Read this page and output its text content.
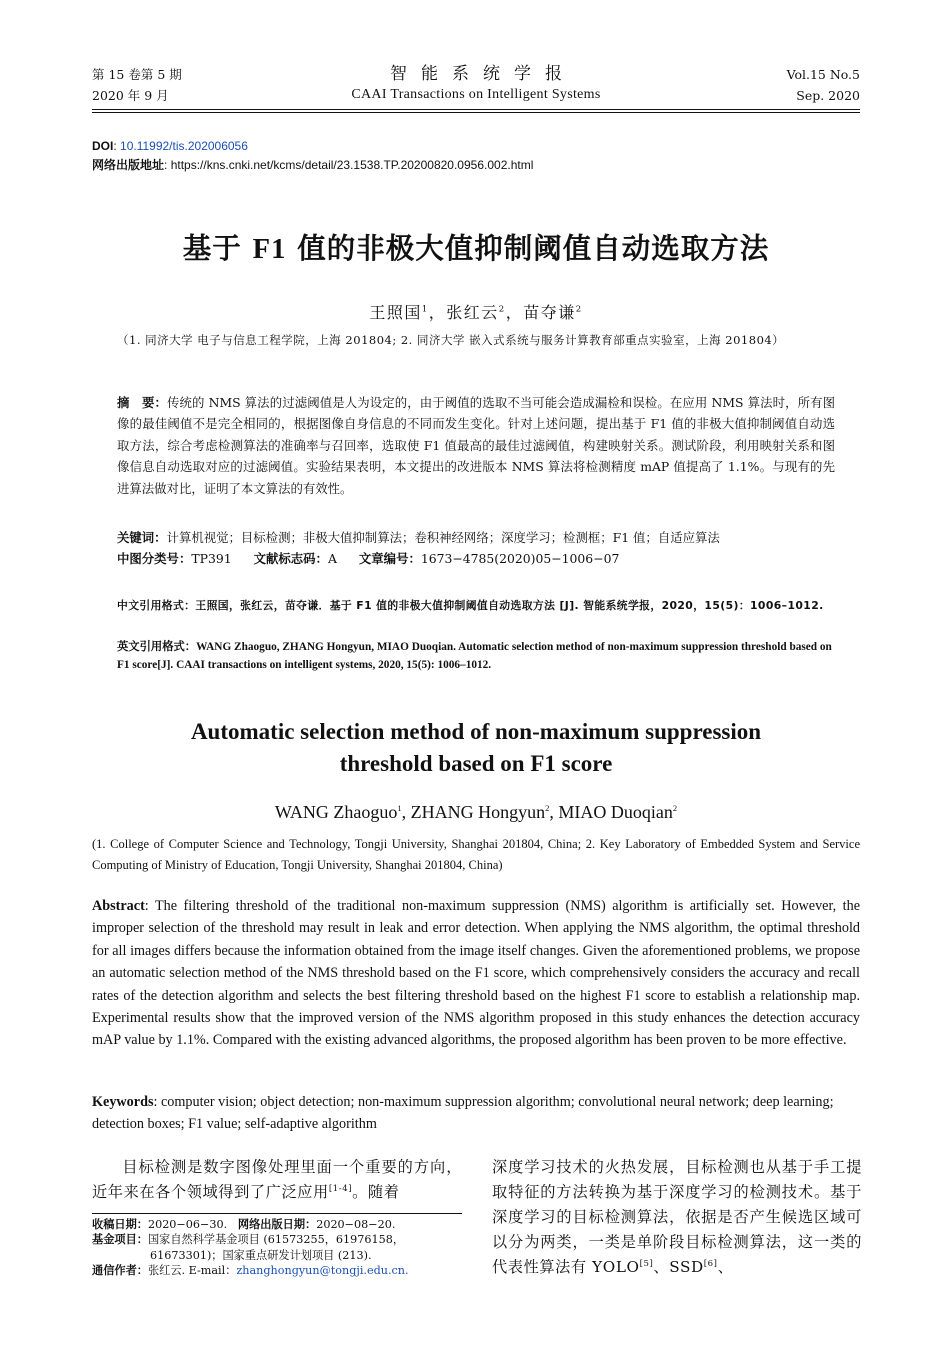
第 15 卷第 5 期
2020 年 9 月
智能系统学报
CAAI Transactions on Intelligent Systems
Vol.15 No.5
Sep. 2020
DOI: 10.11992/tis.202006056
网络出版地址: https://kns.cnki.net/kcms/detail/23.1538.TP.20200820.0956.002.html
基于 F1 值的非极大值抑制阈值自动选取方法
王照国$^1$，张红云$^2$，苗夺谦$^2$
（1. 同济大学 电子与信息工程学院，上海 201804; 2. 同济大学 嵌入式系统与服务计算教育部重点实验室，上海 201804）
摘　要：传统的 NMS 算法的过滤阈值是人为设定的，由于阈值的选取不当可能会造成漏检和误检。在应用 NMS 算法时，所有图像的最佳阈值不是完全相同的，根据图像自身信息的不同而发生变化。针对上述问题，提出基于 F1 值的非极大值抑制阈值自动选取方法，综合考虑检测算法的准确率与召回率，选取使 F1 值最高的最佳过滤阈值，构建映射关系。测试阶段，利用映射关系和图像信息自动选取对应的过滤阈值。实验结果表明，本文提出的改进版本 NMS 算法将检测精度 mAP 值提高了 1.1%。与现有的先进算法做对比，证明了本文算法的有效性。
关键词：计算机视觉；目标检测；非极大值抑制算法；卷积神经网络；深度学习；检测框；F1 值；自适应算法
中图分类号：TP391 文献标志码：A 文章编号：1673−4785(2020)05−1006−07
中文引用格式：王照国，张红云，苗夺谦．基于 F1 值的非极大值抑制阈值自动选取方法 [J]. 智能系统学报，2020，15(5)：1006–1012.
英文引用格式：WANG Zhaoguo, ZHANG Hongyun, MIAO Duoqian. Automatic selection method of non-maximum suppression threshold based on F1 score[J]. CAAI transactions on intelligent systems, 2020, 15(5): 1006–1012.
Automatic selection method of non-maximum suppression
threshold based on F1 score
WANG Zhaoguo$^1$, ZHANG Hongyun$^2$, MIAO Duoqian$^2$
(1. College of Computer Science and Technology, Tongji University, Shanghai 201804, China; 2. Key Laboratory of Embedded System and Service Computing of Ministry of Education, Tongji University, Shanghai 201804, China)
Abstract: The filtering threshold of the traditional non-maximum suppression (NMS) algorithm is artificially set. However, the improper selection of the threshold may result in leak and error detection. When applying the NMS algorithm, the optimal threshold for all images differs because the information obtained from the image itself changes. Given the aforementioned problems, we propose an automatic selection method of the NMS threshold based on the F1 score, which comprehensively considers the accuracy and recall rates of the detection algorithm and selects the best filtering threshold based on the highest F1 score to establish a relationship map. Experimental results show that the improved version of the NMS algorithm proposed in this study enhances the detection accuracy mAP value by 1.1%. Compared with the existing advanced algorithms, the proposed algorithm has been proven to be more effective.
Keywords: computer vision; object detection; non-maximum suppression algorithm; convolutional neural network; deep learning; detection boxes; F1 value; self-adaptive algorithm
目标检测是数字图像处理里面一个重要的方向，近年来在各个领域得到了广泛应用[1-4]。随着
收稿日期：2020−06−30. 网络出版日期：2020−08−20.
基金项目：国家自然科学基金项目 (61573255，61976158，
61673301)；国家重点研发计划项目 (213).
通信作者：张红云. E-mail：zhanghongyun@tongji.edu.cn.
深度学习技术的火热发展，目标检测也从基于手工提取特征的方法转换为基于深度学习的检测技术。基于深度学习的目标检测算法，依据是否产生候选区域可以分为两类，一类是单阶段目标检测算法，这一类的代表性算法有 YOLO[5]、SSD[6]、
